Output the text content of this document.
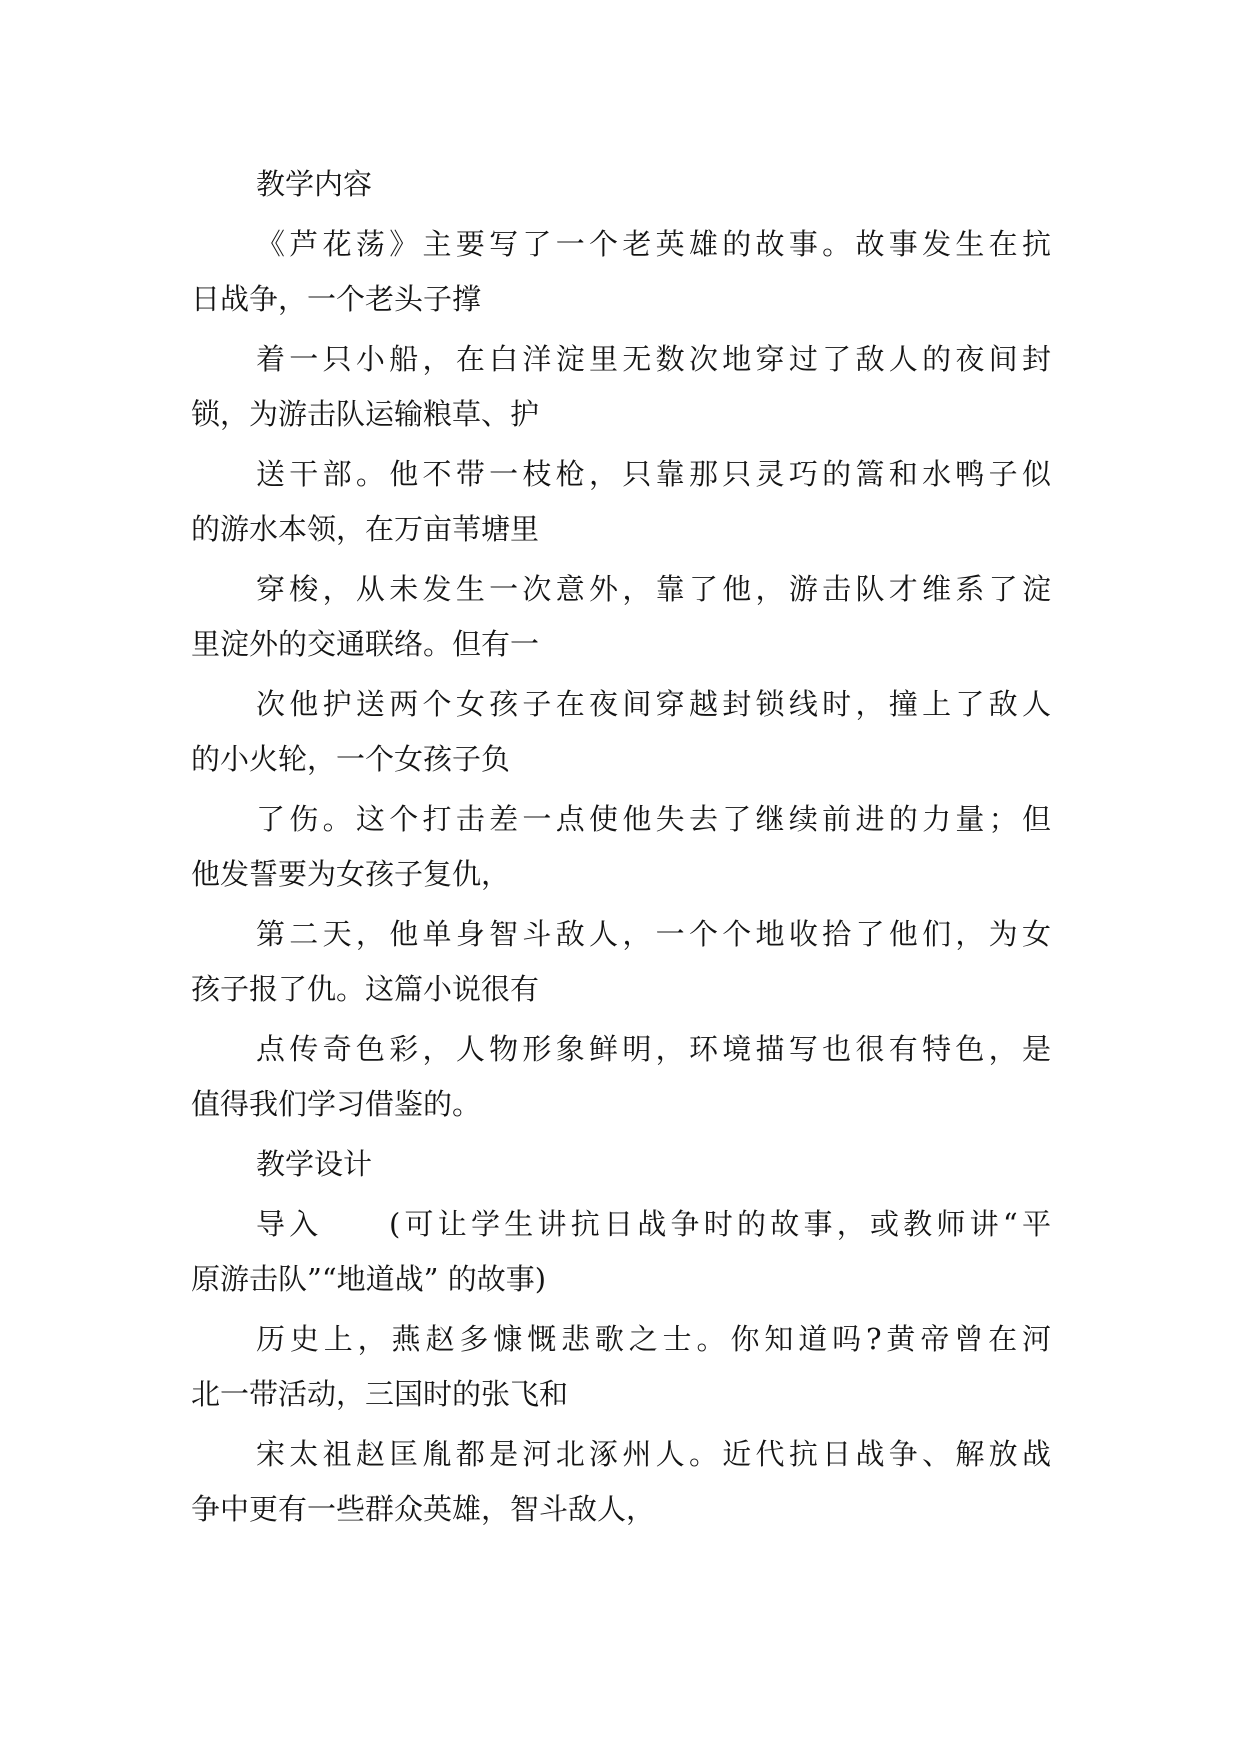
教学内容
《芦花荡》主要写了一个老英雄的故事。故事发生在抗
日战争，一个老头子撑
着一只小船，在白洋淀里无数次地穿过了敌人的夜间封
锁，为游击队运输粮草、护
送干部。他不带一枝枪，只靠那只灵巧的篙和水鸭子似
的游水本领，在万亩苇塘里
穿梭，从未发生一次意外，靠了他，游击队才维系了淀
里淀外的交通联络。但有一
次他护送两个女孩子在夜间穿越封锁线时，撞上了敌人
的小火轮，一个女孩子负
了伤。这个打击差一点使他失去了继续前进的力量；但
他发誓要为女孩子复仇，
第二天，他单身智斗敌人，一个个地收拾了他们，为女
孩子报了仇。这篇小说很有
点传奇色彩，人物形象鲜明，环境描写也很有特色，是
值得我们学习借鉴的。
教学设计
导入　　(可让学生讲抗日战争时的故事，或教师讲“平
原游击队”“地道战” 的故事)
历史上，燕赵多慷慨悲歌之士。你知道吗?黄帝曾在河
北一带活动，三国时的张飞和
宋太祖赵匡胤都是河北涿州人。近代抗日战争、解放战
争中更有一些群众英雄，智斗敌人，
